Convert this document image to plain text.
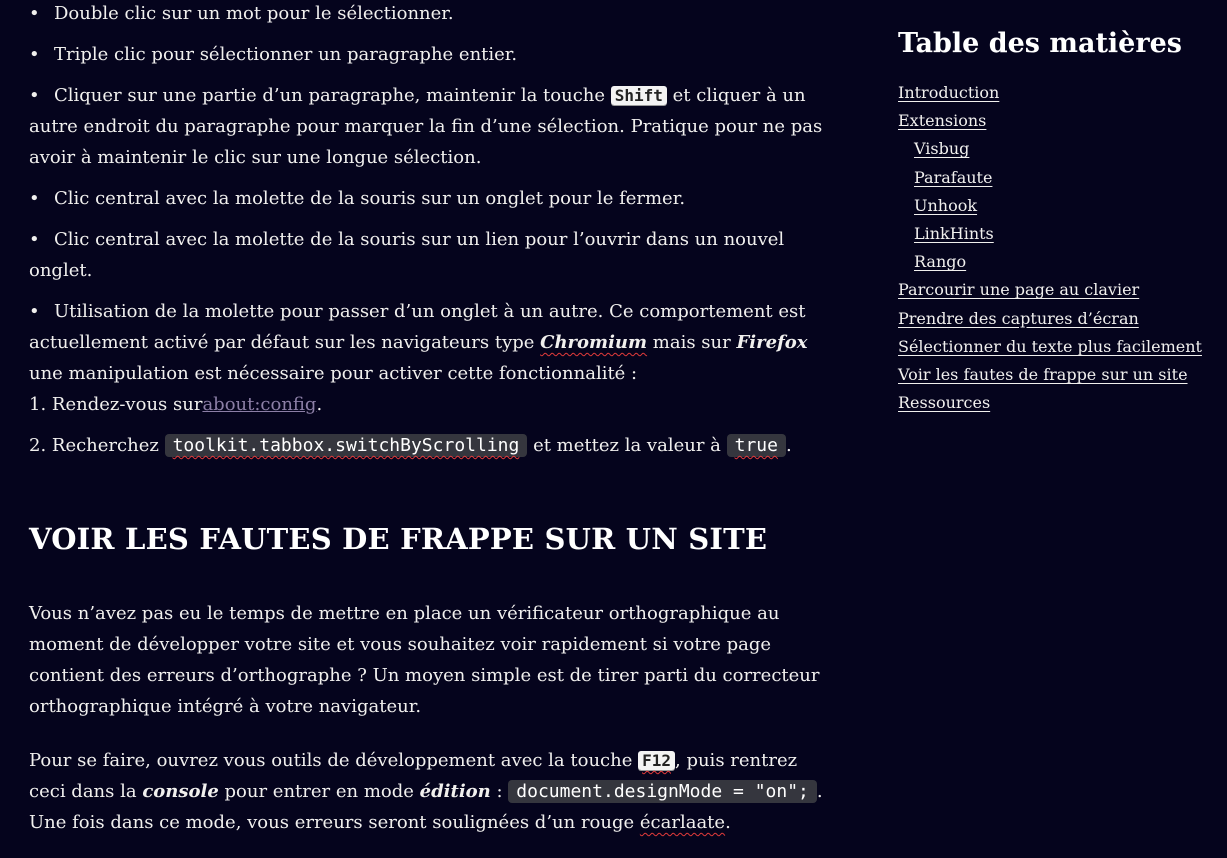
• Double clic sur un mot pour le sélectionner.
• Triple clic pour sélectionner un paragraphe entier.
• Cliquer sur une partie d’un paragraphe, maintenir la touche Shift et cliquer à un autre endroit du paragraphe pour marquer la fin d’une sélection. Pratique pour ne pas avoir à maintenir le clic sur une longue sélection.
• Clic central avec la molette de la souris sur un onglet pour le fermer.
• Clic central avec la molette de la souris sur un lien pour l’ouvrir dans un nouvel onglet.
• Utilisation de la molette pour passer d’un onglet à un autre. Ce comportement est actuellement activé par défaut sur les navigateurs type Chromium mais sur Firefox une manipulation est nécessaire pour activer cette fonctionnalité :
1. Rendez-vous surabout:config.
2. Recherchez toolkit.tabbox.switchByScrolling et mettez la valeur à true .
VOIR LES FAUTES DE FRAPPE SUR UN SITE

Vous n’avez pas eu le temps de mettre en place un vérificateur orthographique au moment de développer votre site et vous souhaitez voir rapidement si votre page contient des erreurs d’orthographe ? Un moyen simple est de tirer parti du correcteur orthographique intégré à votre navigateur.

Pour se faire, ouvrez vous outils de développement avec la touche F12 , puis rentrez ceci dans la console pour entrer en mode édition : document.designMode = "on"; . Une fois dans ce mode, vous erreurs seront soulignées d’un rouge écarlaate.

Table des matières
Introduction
Extensions
Visbug
Parafaute
Unhook
LinkHints
Rango
Parcourir une page au clavier
Prendre des captures d’écran
Sélectionner du texte plus facilement
Voir les fautes de frappe sur un site
Ressources
